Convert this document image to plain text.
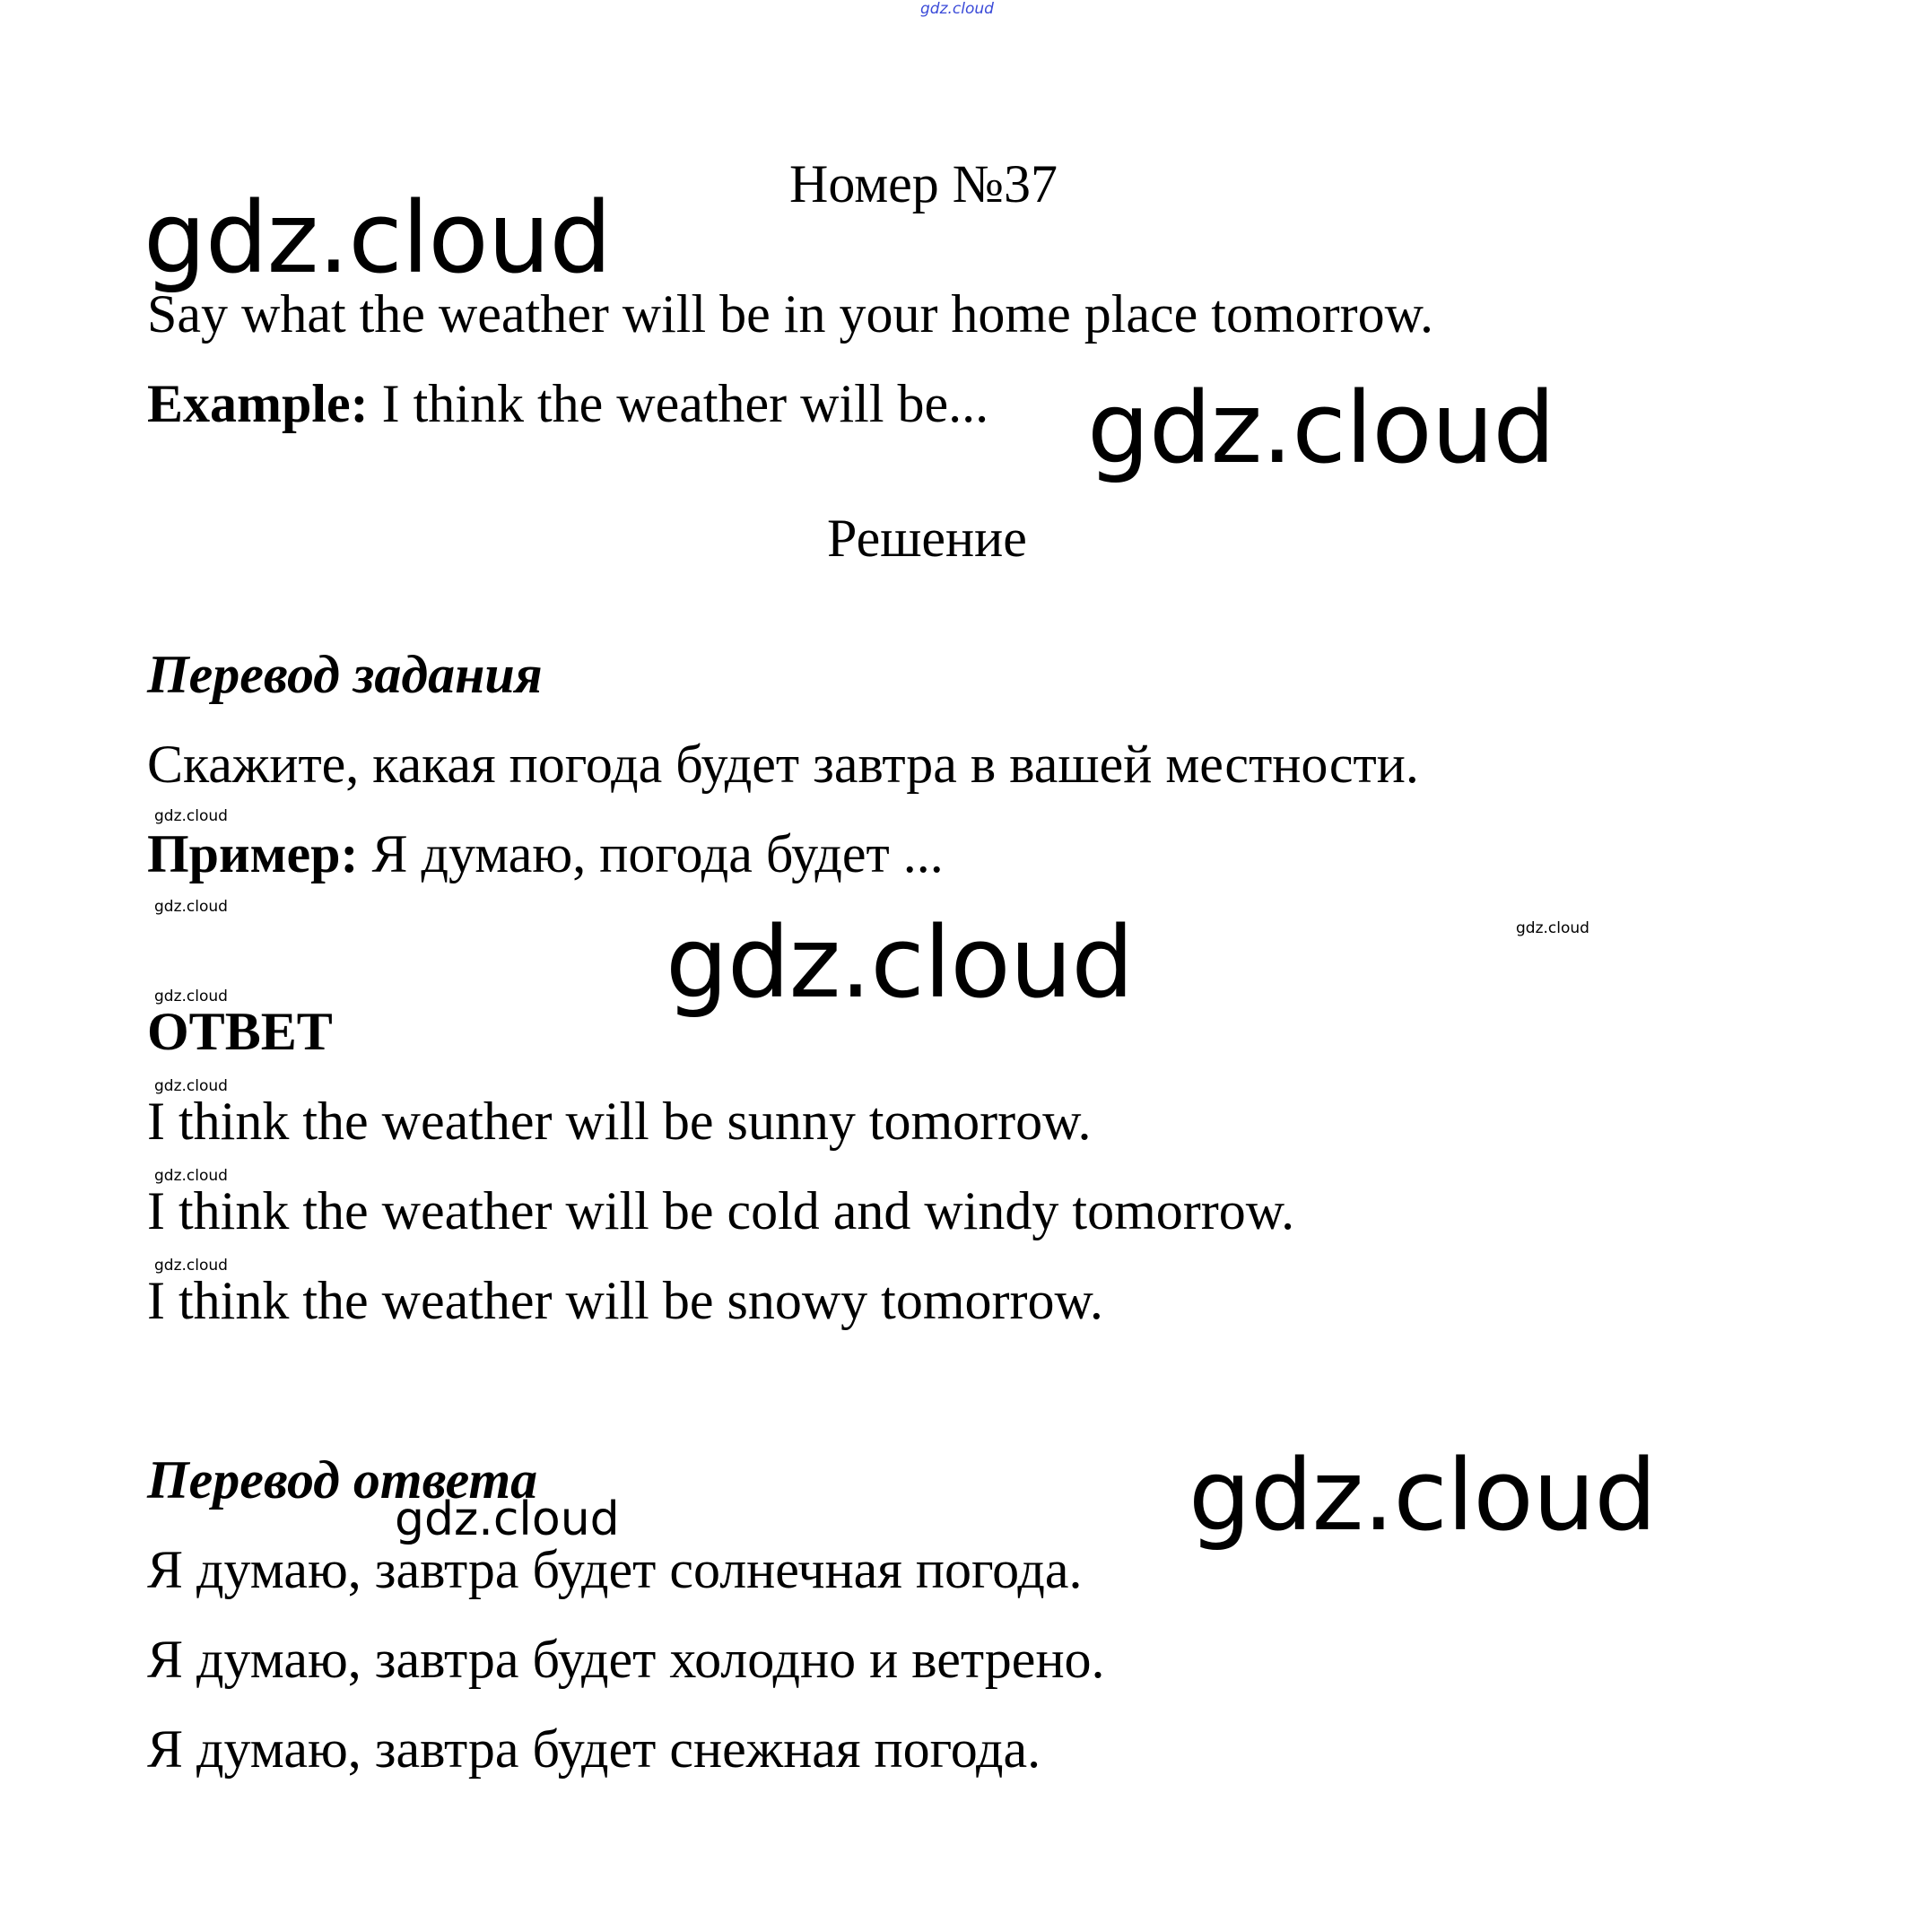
gdz.cloud
Номер №37
gdz.cloud
Say what the weather will be in your home place tomorrow.
Example: I think the weather will be... gdz.cloud
Решение
Перевод задания
Скажите, какая погода будет завтра в вашей местности.
gdz.cloud
Пример: Я думаю, погода будет ...
gdz.cloud
gdz.cloud
gdz.cloud
gdz.cloud
ОТВЕТ
gdz.cloud
I think the weather will be sunny tomorrow.
gdz.cloud
I think the weather will be cold and windy tomorrow.
gdz.cloud
I think the weather will be snowy tomorrow.
Перевод ответа
gdz.cloud	gdz.cloud
Я думаю, завтра будет солнечная погода.
Я думаю, завтра будет холодно и ветрено.
Я думаю, завтра будет снежная погода.
